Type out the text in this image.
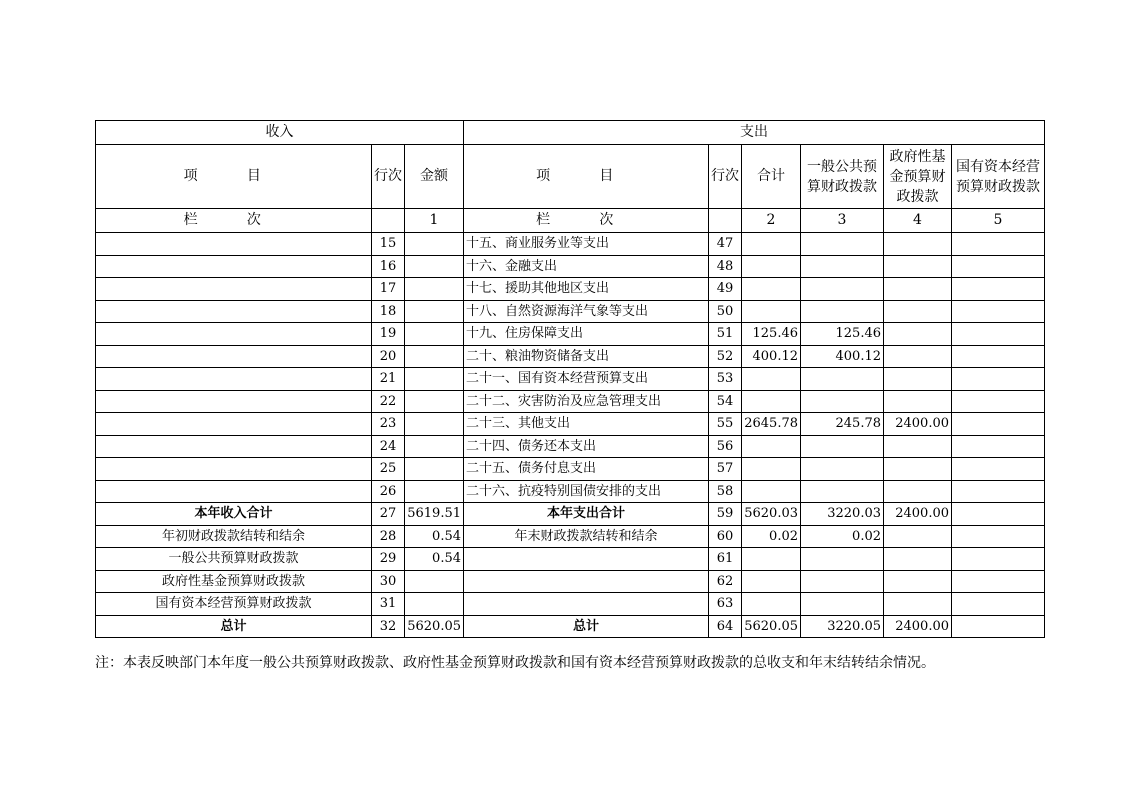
收入			支出					
项 目	行次	金额	项 目	行次	合计	一般公共预算财政拨款	政府性基金预算财政拨款	国有资本经营预算财政拨款
栏 次		1	栏 次		2	3	4	5
	15		十五、商业服务业等支出	47				
	16		十六、金融支出	48				
	17		十七、援助其他地区支出	49				
	18		十八、自然资源海洋气象等支出	50				
	19		十九、住房保障支出	51	125.46	125.46		
	20		二十、粮油物资储备支出	52	400.12	400.12		
	21		二十一、国有资本经营预算支出	53				
	22		二十二、灾害防治及应急管理支出	54				
	23		二十三、其他支出	55	2645.78	245.78	2400.00	
	24		二十四、债务还本支出	56				
	25		二十五、债务付息支出	57				
	26		二十六、抗疫特别国债安排的支出	58				
本年收入合计	27	5619.51	本年支出合计	59	5620.03	3220.03	2400.00	
年初财政拨款结转和结余	28	0.54	年末财政拨款结转和结余	60	0.02	0.02		
一般公共预算财政拨款	29	0.54		61				
政府性基金预算财政拨款	30			62				
国有资本经营预算财政拨款	31			63				
总计	32	5620.05	总计	64	5620.05	3220.05	2400.00	
注：本表反映部门本年度一般公共预算财政拨款、政府性基金预算财政拨款和国有资本经营预算财政拨款的总收支和年末结转结余情况。
